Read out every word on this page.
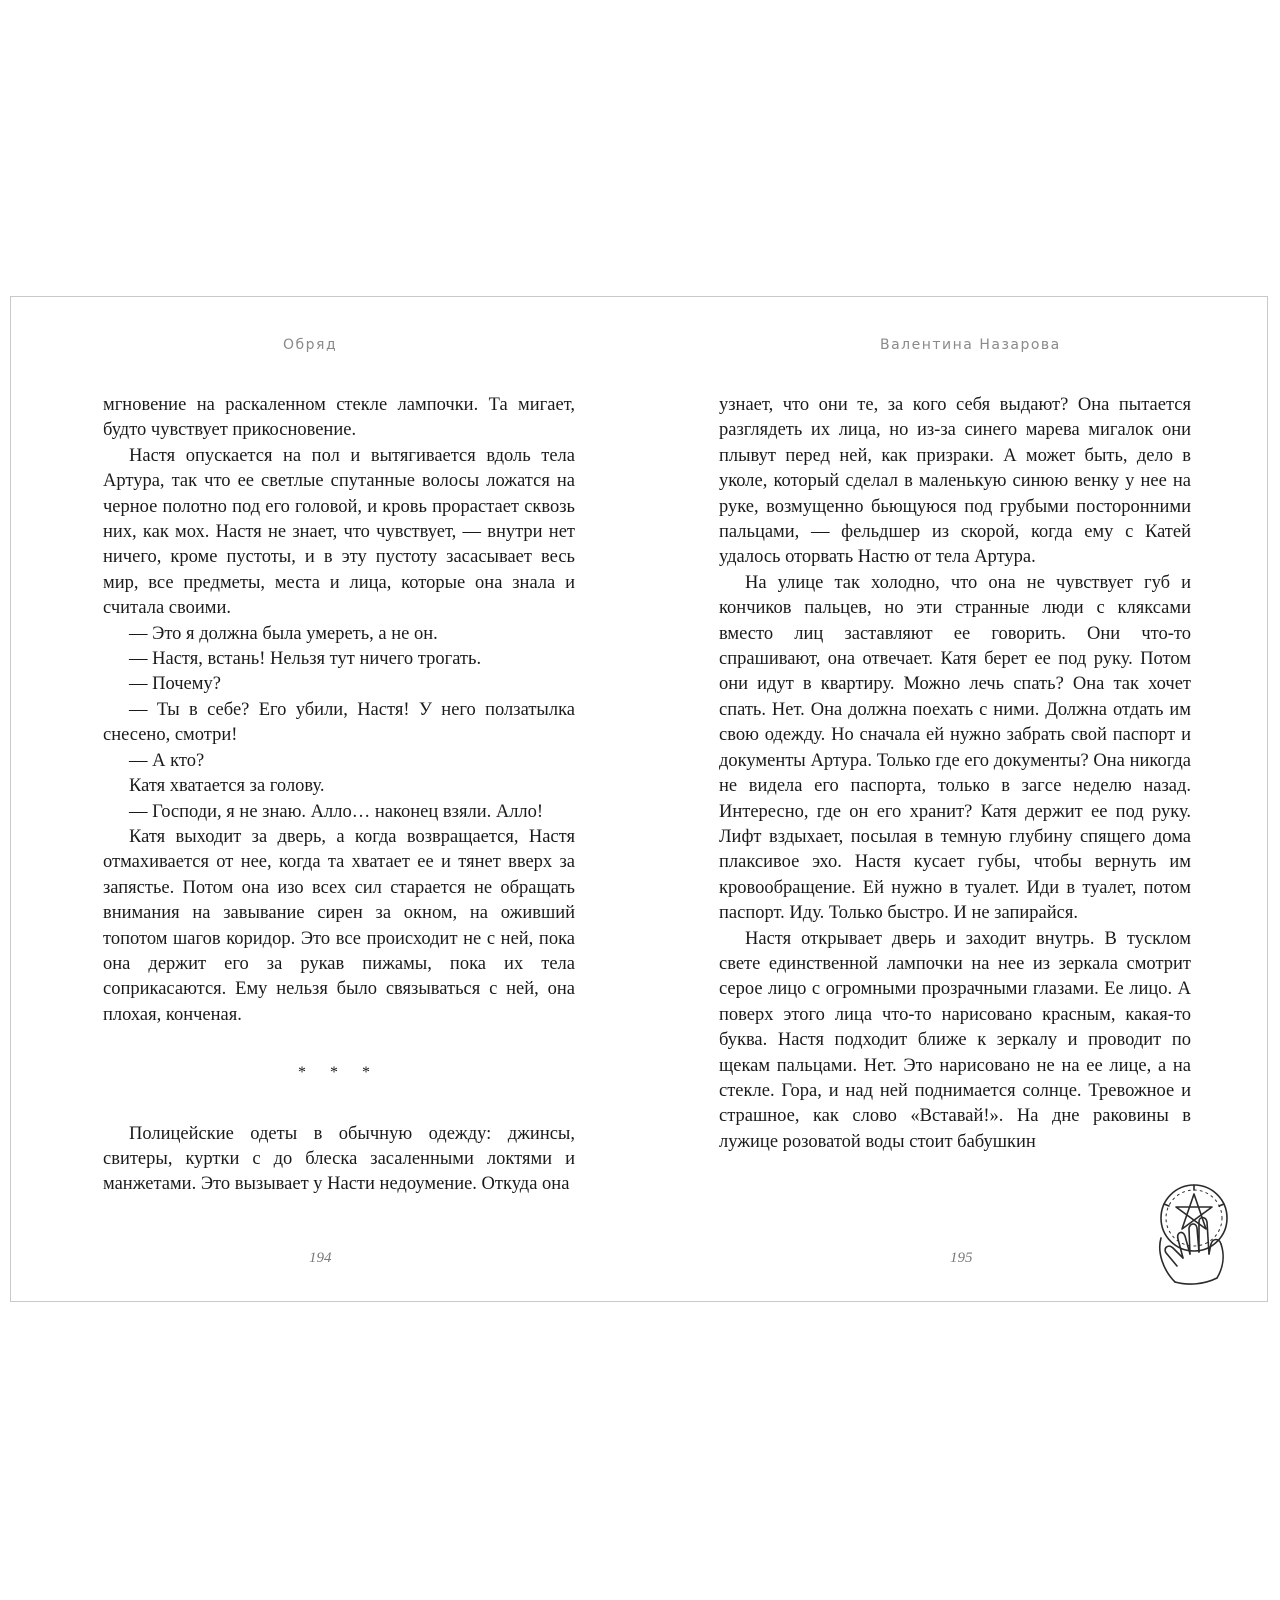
Обряд	Валентина Назарова

мгновение на раскаленном стекле лампочки. Та мигает, будто чувствует прикосновение.

Настя опускается на пол и вытягивается вдоль тела Артура, так что ее светлые спутанные волосы ложатся на черное полотно под его головой, и кровь прорастает сквозь них, как мох. Настя не знает, что чувствует, — внутри нет ничего, кроме пустоты, и в эту пустоту засасывает весь мир, все предметы, места и лица, которые она знала и считала своими.

— Это я должна была умереть, а не он.

— Настя, встань! Нельзя тут ничего трогать.

— Почему?

— Ты в себе? Его убили, Настя! У него ползатылка снесено, смотри!

— А кто?

Катя хватается за голову.

— Господи, я не знаю. Алло… наконец взяли. Алло!

Катя выходит за дверь, а когда возвращается, Настя отмахивается от нее, когда та хватает ее и тянет вверх за запястье. Потом она изо всех сил старается не обращать внимания на завывание сирен за окном, на оживший топотом шагов коридор. Это все происходит не с ней, пока она держит его за рукав пижамы, пока их тела соприкасаются. Ему нельзя было связываться с ней, она плохая, конченая.

* * *

Полицейские одеты в обычную одежду: джинсы, свитеры, куртки с до блеска засаленными локтями и манжетами. Это вызывает у Насти недоумение. Откуда она

узнает, что они те, за кого себя выдают? Она пытается разглядеть их лица, но из-за синего марева мигалок они плывут перед ней, как призраки. А может быть, дело в уколе, который сделал в маленькую синюю венку у нее на руке, возмущенно бьющуюся под грубыми посторонними пальцами, — фельдшер из скорой, когда ему с Катей удалось оторвать Настю от тела Артура.

На улице так холодно, что она не чувствует губ и кончиков пальцев, но эти странные люди с кляксами вместо лиц заставляют ее говорить. Они что-то спрашивают, она отвечает. Катя берет ее под руку. Потом они идут в квартиру. Можно лечь спать? Она так хочет спать. Нет. Она должна поехать с ними. Должна отдать им свою одежду. Но сначала ей нужно забрать свой паспорт и документы Артура. Только где его документы? Она никогда не видела его паспорта, только в загсе неделю назад. Интересно, где он его хранит? Катя держит ее под руку. Лифт вздыхает, посылая в темную глубину спящего дома плаксивое эхо. Настя кусает губы, чтобы вернуть им кровообращение. Ей нужно в туалет. Иди в туалет, потом паспорт. Иду. Только быстро. И не запирайся.

Настя открывает дверь и заходит внутрь. В тусклом свете единственной лампочки на нее из зеркала смотрит серое лицо с огромными прозрачными глазами. Ее лицо. А поверх этого лица что-то нарисовано красным, какая-то буква. Настя подходит ближе к зеркалу и проводит по щекам пальцами. Нет. Это нарисовано не на ее лице, а на стекле. Гора, и над ней поднимается солнце. Тревожное и страшное, как слово «Вставай!». На дне раковины в лужице розоватой воды стоит бабушкин

194	195
